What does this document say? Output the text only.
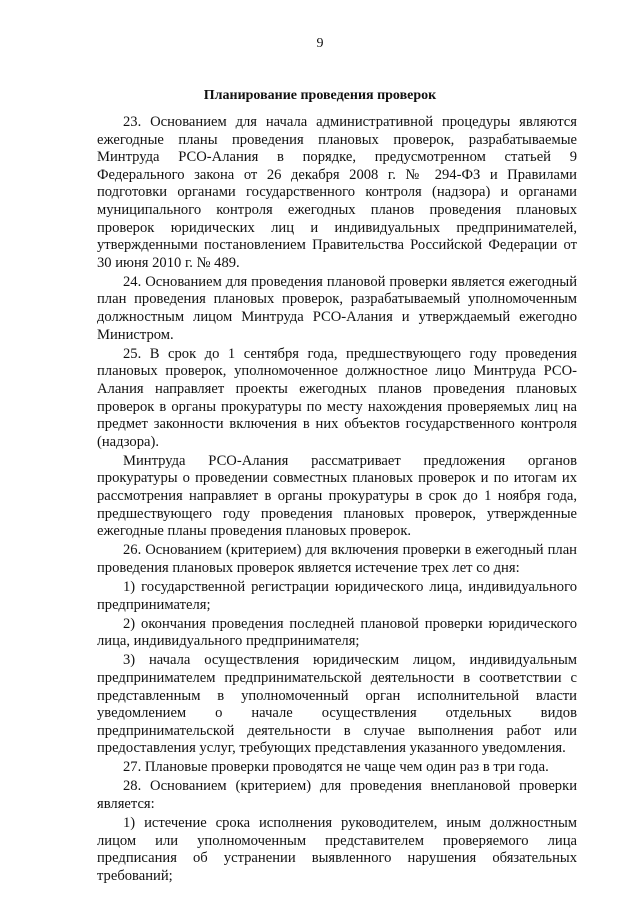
9
Планирование проведения проверок

23. Основанием для начала административной процедуры являются ежегодные планы проведения плановых проверок, разрабатываемые Минтруда РСО-Алания в порядке, предусмотренном статьей 9 Федерального закона от 26 декабря 2008 г. № 294-ФЗ и Правилами подготовки органами государственного контроля (надзора) и органами муниципального контроля ежегодных планов проведения плановых проверок юридических лиц и индивидуальных предпринимателей, утвержденными постановлением Правительства Российской Федерации от 30 июня 2010 г. № 489.

24. Основанием для проведения плановой проверки является ежегодный план проведения плановых проверок, разрабатываемый уполномоченным должностным лицом Минтруда РСО-Алания и утверждаемый ежегодно Министром.

25. В срок до 1 сентября года, предшествующего году проведения плановых проверок, уполномоченное должностное лицо Минтруда РСО-Алания направляет проекты ежегодных планов проведения плановых проверок в органы прокуратуры по месту нахождения проверяемых лиц на предмет законности включения в них объектов государственного контроля (надзора).

Минтруда РСО-Алания рассматривает предложения органов прокуратуры о проведении совместных плановых проверок и по итогам их рассмотрения направляет в органы прокуратуры в срок до 1 ноября года, предшествующего году проведения плановых проверок, утвержденные ежегодные планы проведения плановых проверок.

26. Основанием (критерием) для включения проверки в ежегодный план проведения плановых проверок является истечение трех лет со дня:

1) государственной регистрации юридического лица, индивидуального предпринимателя;

2) окончания проведения последней плановой проверки юридического лица, индивидуального предпринимателя;

3) начала осуществления юридическим лицом, индивидуальным предпринимателем предпринимательской деятельности в соответствии с представленным в уполномоченный орган исполнительной власти уведомлением о начале осуществления отдельных видов предпринимательской деятельности в случае выполнения работ или предоставления услуг, требующих представления указанного уведомления.

27. Плановые проверки проводятся не чаще чем один раз в три года.

28. Основанием (критерием) для проведения внеплановой проверки является:

1) истечение срока исполнения руководителем, иным должностным лицом или уполномоченным представителем проверяемого лица предписания об устранении выявленного нарушения обязательных требований;
